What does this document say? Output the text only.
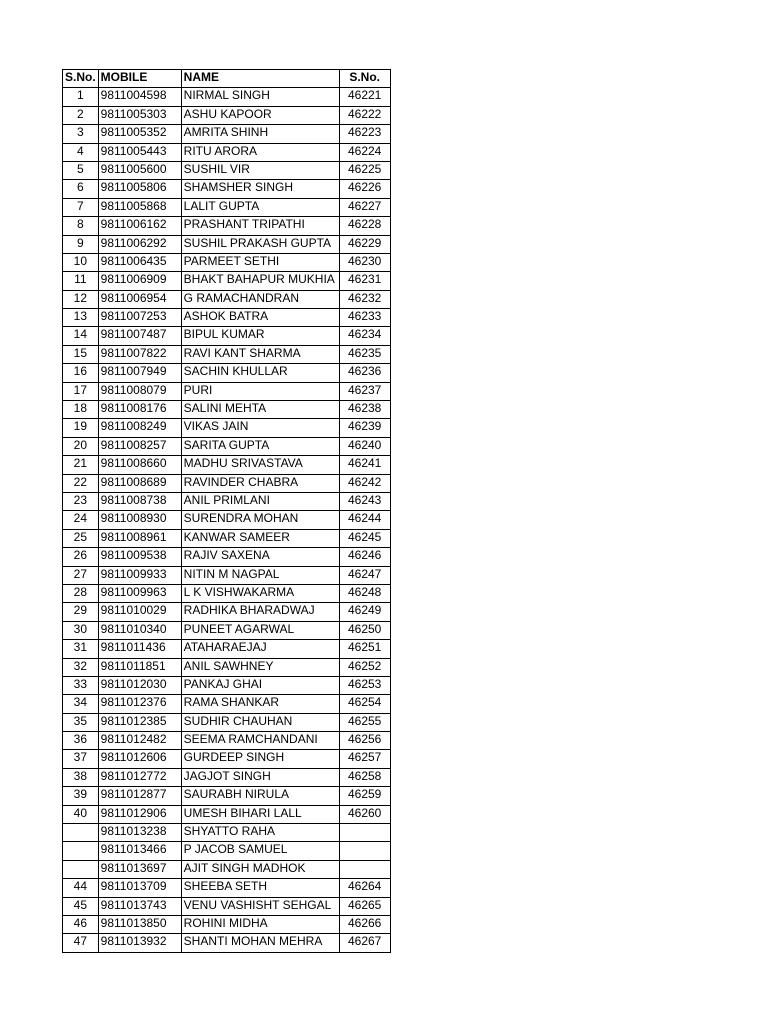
S.No.	MOBILE	NAME	S.No.
1	9811004598	NIRMAL SINGH	46221
2	9811005303	ASHU KAPOOR	46222
3	9811005352	AMRITA SHINH	46223
4	9811005443	RITU ARORA	46224
5	9811005600	SUSHIL VIR	46225
6	9811005806	SHAMSHER SINGH	46226
7	9811005868	LALIT GUPTA	46227
8	9811006162	PRASHANT TRIPATHI	46228
9	9811006292	SUSHIL PRAKASH GUPTA	46229
10	9811006435	PARMEET SETHI	46230
11	9811006909	BHAKT BAHAPUR MUKHIA	46231
12	9811006954	G RAMACHANDRAN	46232
13	9811007253	ASHOK BATRA	46233
14	9811007487	BIPUL KUMAR	46234
15	9811007822	RAVI KANT SHARMA	46235
16	9811007949	SACHIN KHULLAR	46236
17	9811008079	PURI	46237
18	9811008176	SALINI MEHTA	46238
19	9811008249	VIKAS JAIN	46239
20	9811008257	SARITA GUPTA	46240
21	9811008660	MADHU SRIVASTAVA	46241
22	9811008689	RAVINDER CHABRA	46242
23	9811008738	ANIL PRIMLANI	46243
24	9811008930	SURENDRA MOHAN	46244
25	9811008961	KANWAR SAMEER	46245
26	9811009538	RAJIV SAXENA	46246
27	9811009933	NITIN M NAGPAL	46247
28	9811009963	L K VISHWAKARMA	46248
29	9811010029	RADHIKA BHARADWAJ	46249
30	9811010340	PUNEET AGARWAL	46250
31	9811011436	ATAHARAEJAJ	46251
32	9811011851	ANIL SAWHNEY	46252
33	9811012030	PANKAJ GHAI	46253
34	9811012376	RAMA SHANKAR	46254
35	9811012385	SUDHIR CHAUHAN	46255
36	9811012482	SEEMA RAMCHANDANI	46256
37	9811012606	GURDEEP SINGH	46257
38	9811012772	JAGJOT SINGH	46258
39	9811012877	SAURABH NIRULA	46259
40	9811012906	UMESH BIHARI LALL	46260
	9811013238	SHYATTO RAHA	
	9811013466	P JACOB SAMUEL	
	9811013697	AJIT SINGH MADHOK	
44	9811013709	SHEEBA SETH	46264
45	9811013743	VENU VASHISHT SEHGAL	46265
46	9811013850	ROHINI MIDHA	46266
47	9811013932	SHANTI MOHAN MEHRA	46267
